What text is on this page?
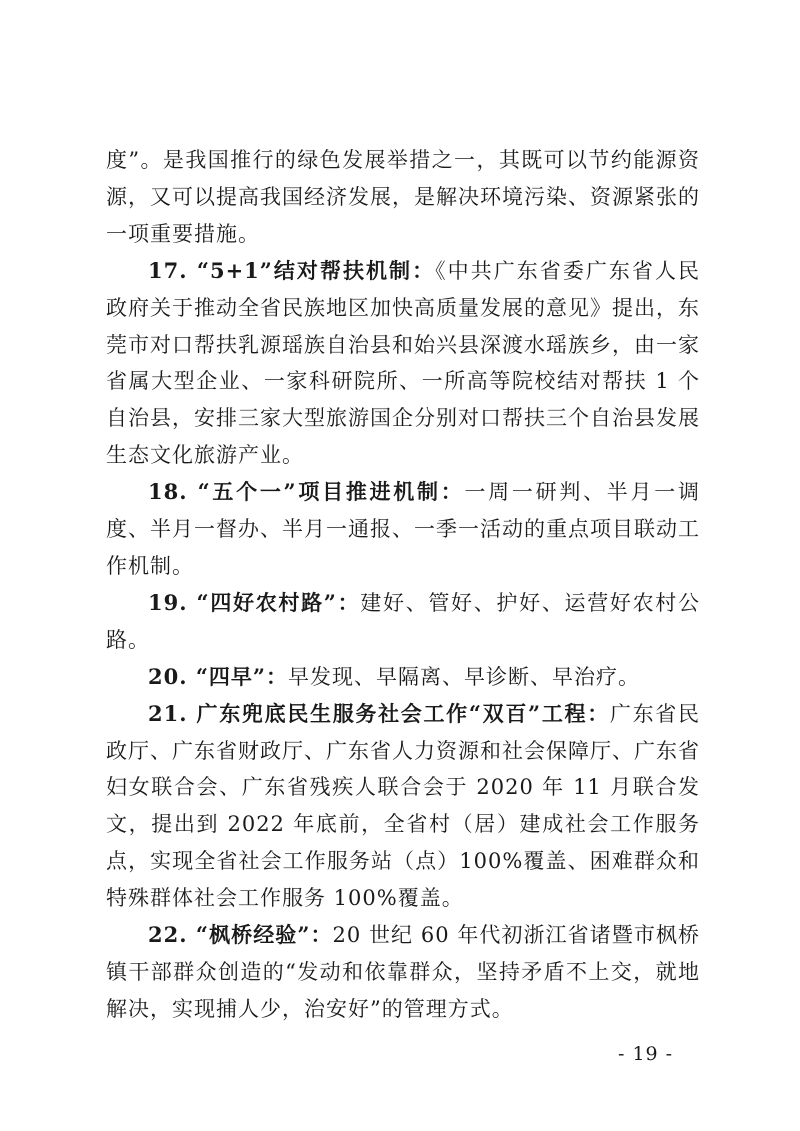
度”。是我国推行的绿色发展举措之一，其既可以节约能源资源，又可以提高我国经济发展，是解决环境污染、资源紧张的一项重要措施。

17. “5+1”结对帮扶机制：《中共广东省委广东省人民政府关于推动全省民族地区加快高质量发展的意见》提出，东莞市对口帮扶乳源瑶族自治县和始兴县深渡水瑶族乡，由一家省属大型企业、一家科研院所、一所高等院校结对帮扶 1 个自治县，安排三家大型旅游国企分别对口帮扶三个自治县发展生态文化旅游产业。

18. “五个一”项目推进机制：一周一研判、半月一调度、半月一督办、半月一通报、一季一活动的重点项目联动工作机制。

19. “四好农村路”：建好、管好、护好、运营好农村公路。

20. “四早”：早发现、早隔离、早诊断、早治疗。

21. 广东兜底民生服务社会工作“双百”工程：广东省民政厅、广东省财政厅、广东省人力资源和社会保障厅、广东省妇女联合会、广东省残疾人联合会于 2020 年 11 月联合发文，提出到 2022 年底前，全省村（居）建成社会工作服务点，实现全省社会工作服务站（点）100%覆盖、困难群众和特殊群体社会工作服务 100%覆盖。

22. “枫桥经验”：20 世纪 60 年代初浙江省诸暨市枫桥镇干部群众创造的“发动和依靠群众，坚持矛盾不上交，就地解决，实现捕人少，治安好”的管理方式。

- 19 -
